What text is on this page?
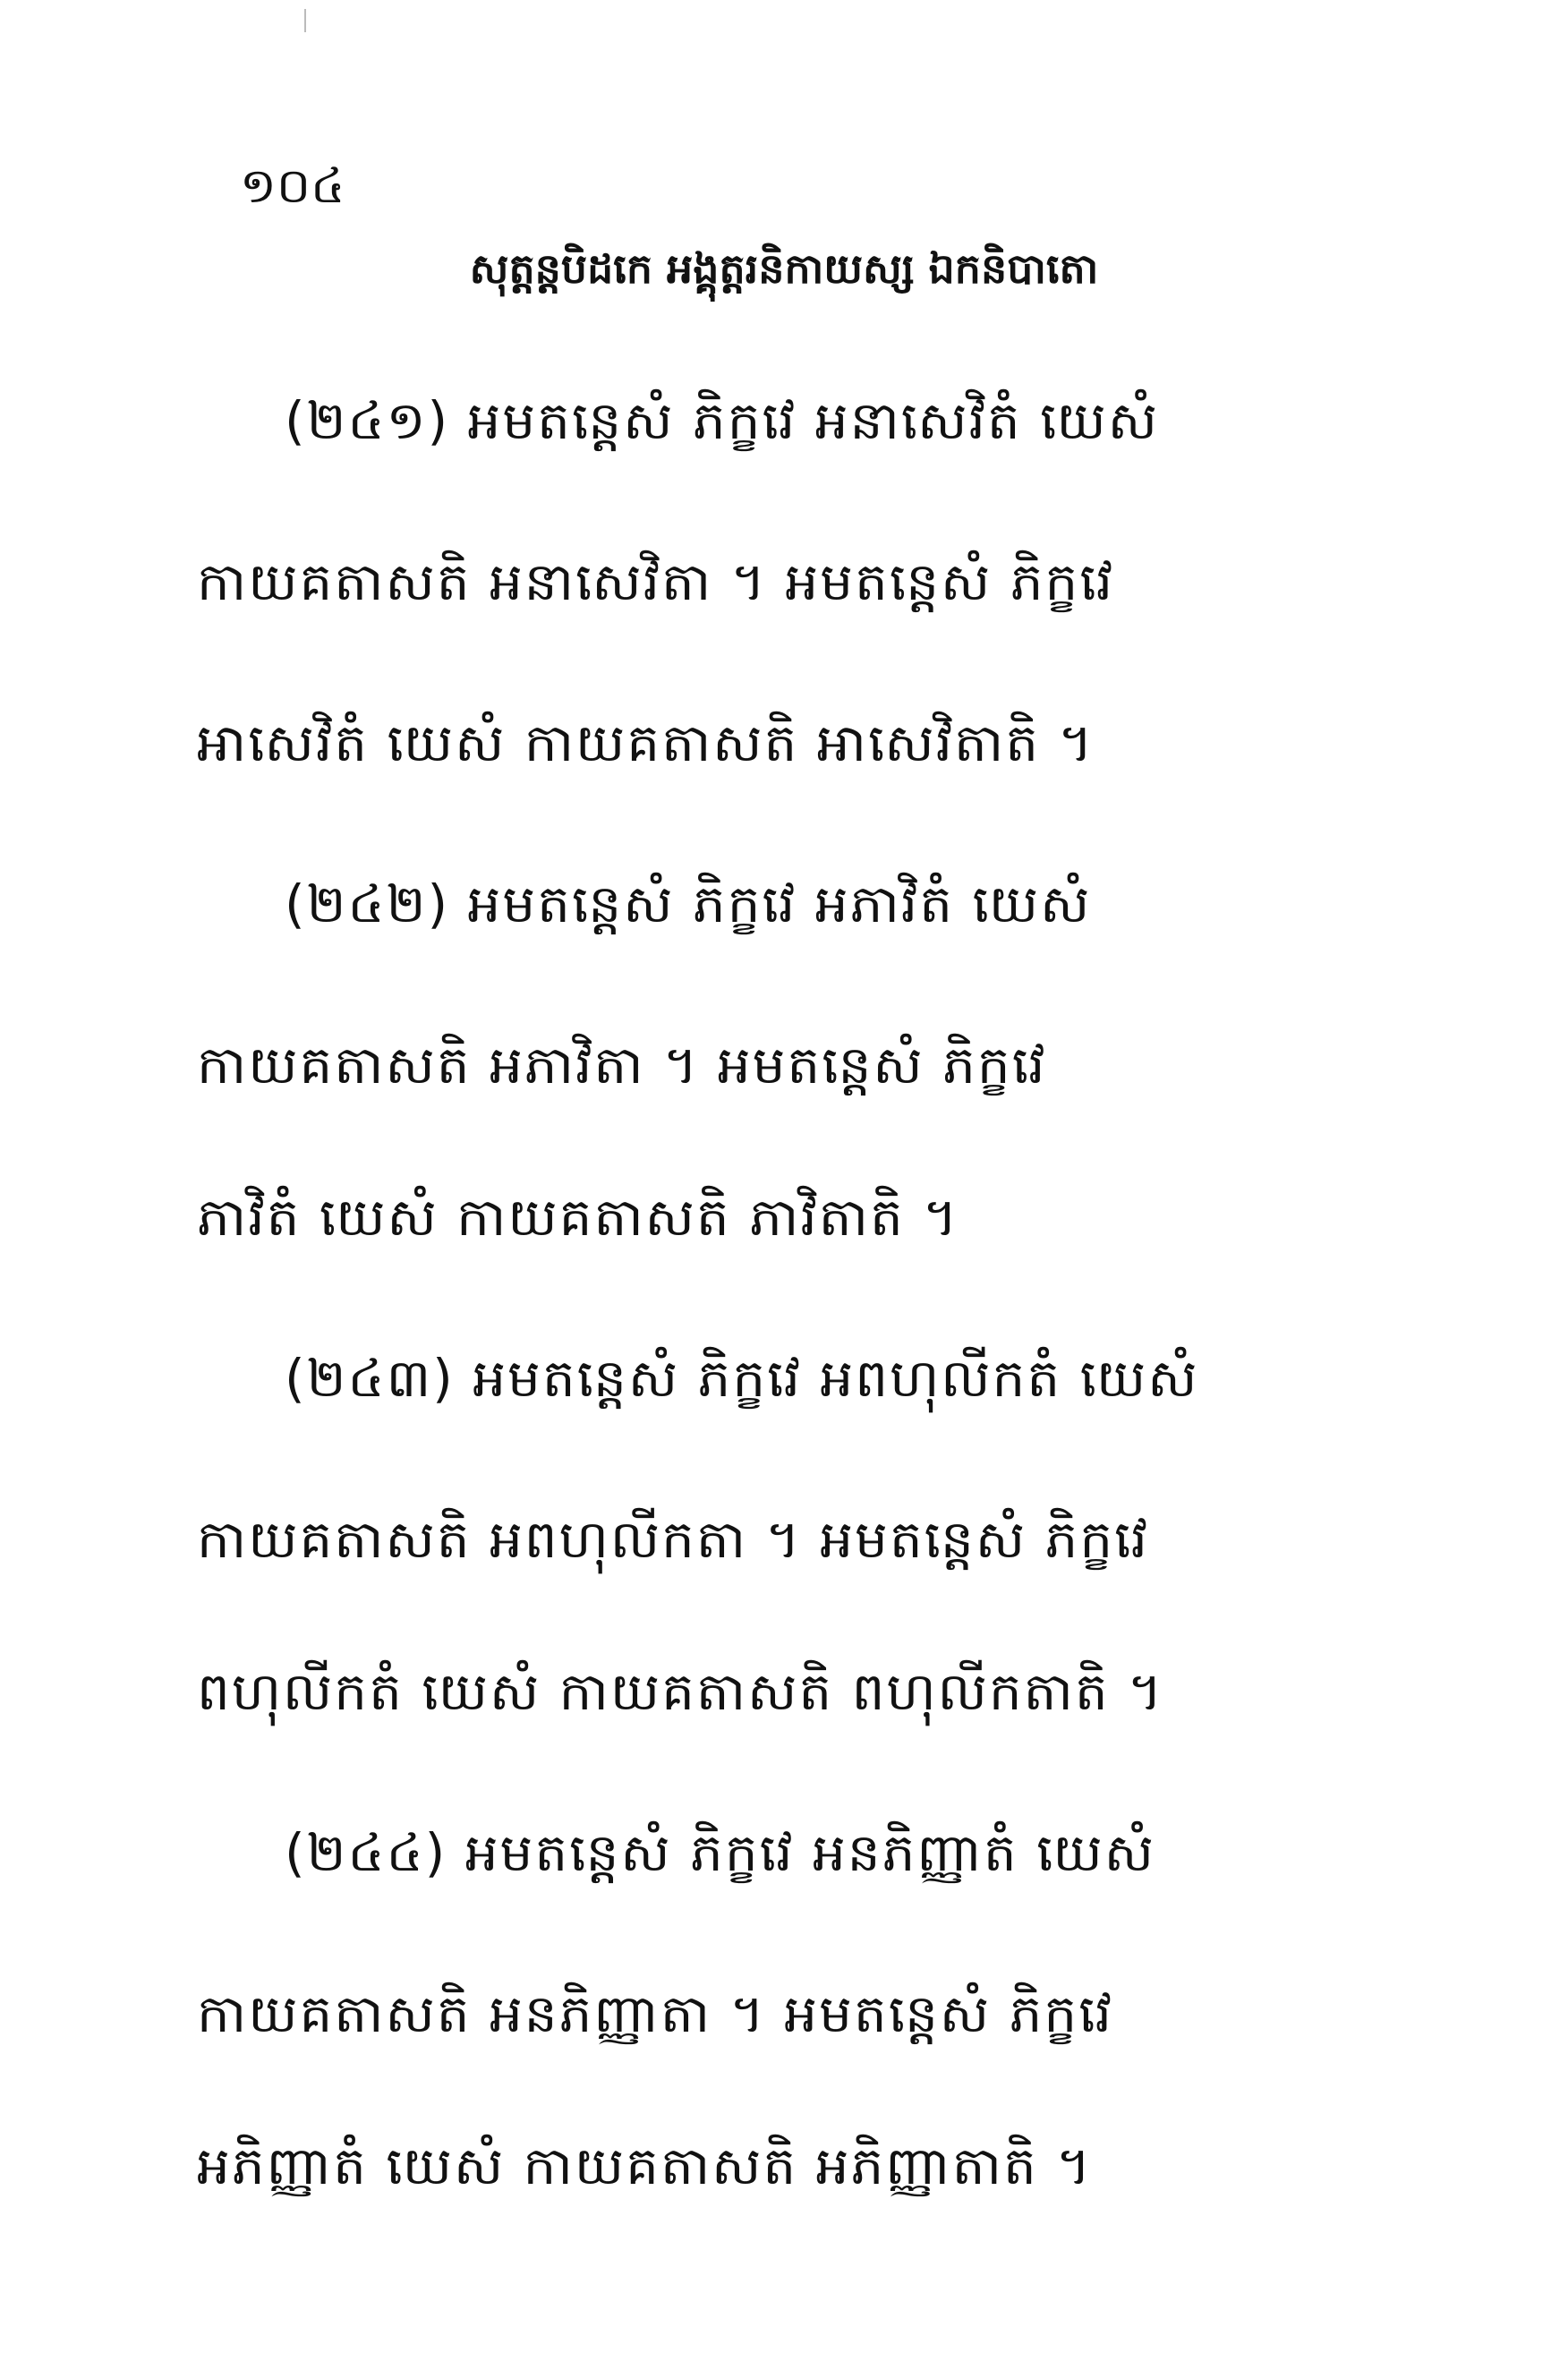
១០៤
សុត្តន្តបិដកេ អង្គុត្តរនិកាយស្ស ឯកនិបាតោ
(២៤១) អមតន្តេសំ ភិក្ខវេ អនាសេវិតំ យេសំ
កាយគតាសតិ អនាសេវិតា ។ អមតន្តេសំ ភិក្ខវេ
អាសេវិតំ យេសំ កាយគតាសតិ អាសេវិតាតិ ។
(២៤២) អមតន្តេសំ ភិក្ខវេ អភាវិតំ យេសំ
កាយគតាសតិ អភាវិតា ។ អមតន្តេសំ ភិក្ខវេ
ភាវិតំ យេសំ កាយគតាសតិ ភាវិតាតិ ។
(២៤៣) អមតន្តេសំ ភិក្ខវេ អពហុលីកតំ យេសំ
កាយគតាសតិ អពហុលីកតា ។ អមតន្តេសំ ភិក្ខវេ
ពហុលីកតំ យេសំ កាយគតាសតិ ពហុលីកតាតិ ។
(២៤៤) អមតន្តេសំ ភិក្ខវេ អនភិញ្ញាតំ យេសំ
កាយគតាសតិ អនភិញ្ញាតា ។ អមតន្តេសំ ភិក្ខវេ
អភិញ្ញាតំ យេសំ កាយគតាសតិ អភិញ្ញាតាតិ ។
